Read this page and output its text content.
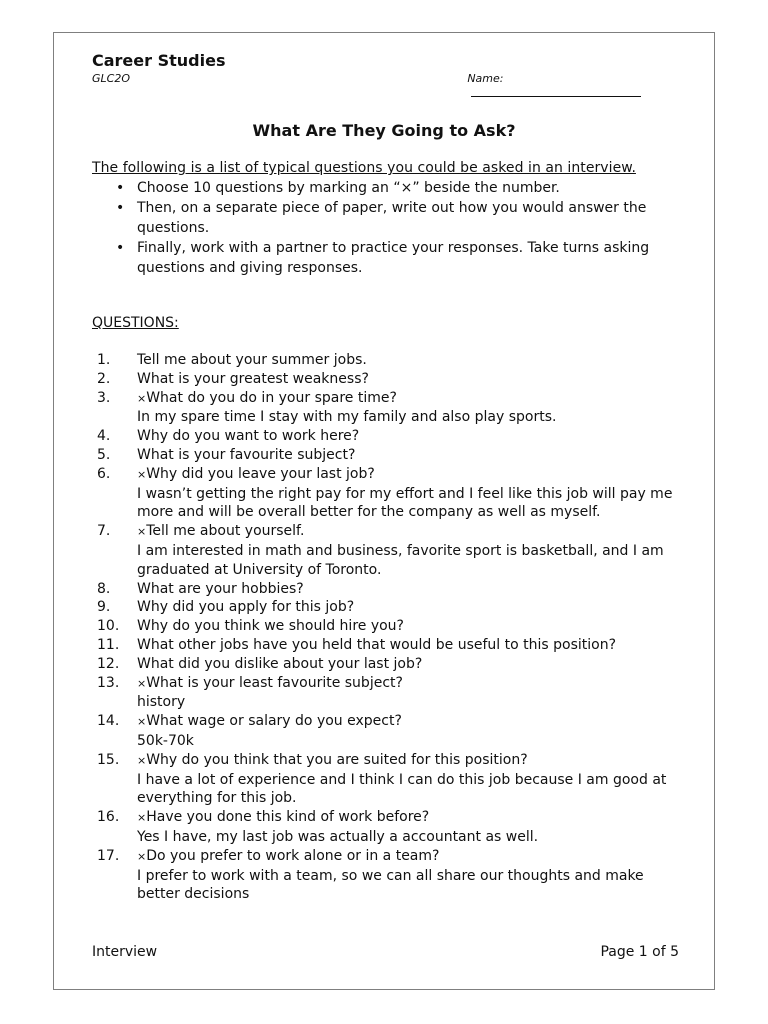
Career Studies
GLC2O	Name:
What Are They Going to Ask?
The following is a list of typical questions you could be asked in an interview.
• Choose 10 questions by marking an “×” beside the number.
• Then, on a separate piece of paper, write out how you would answer the questions.
• Finally, work with a partner to practice your responses. Take turns asking questions and giving responses.
QUESTIONS:
1. Tell me about your summer jobs.
2. What is your greatest weakness?
3. ×What do you do in your spare time?
In my spare time I stay with my family and also play sports.
4. Why do you want to work here?
5. What is your favourite subject?
6. ×Why did you leave your last job?
I wasn’t getting the right pay for my effort and I feel like this job will pay me more and will be overall better for the company as well as myself.
7. ×Tell me about yourself.
I am interested in math and business, favorite sport is basketball, and I am graduated at University of Toronto.
8. What are your hobbies?
9. Why did you apply for this job?
10. Why do you think we should hire you?
11. What other jobs have you held that would be useful to this position?
12. What did you dislike about your last job?
13. ×What is your least favourite subject?
history
14. ×What wage or salary do you expect?
50k-70k
15. ×Why do you think that you are suited for this position?
I have a lot of experience and I think I can do this job because I am good at everything for this job.
16. ×Have you done this kind of work before?
Yes I have, my last job was actually a accountant as well.
17. ×Do you prefer to work alone or in a team?
I prefer to work with a team, so we can all share our thoughts and make better decisions
Interview	Page 1 of 5
